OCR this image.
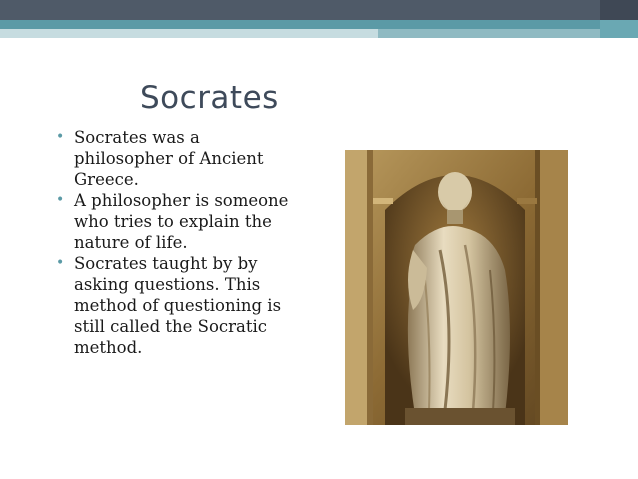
Socrates
• Socrates was a philosopher of Ancient Greece.
• A philosopher is someone who tries to explain the nature of life.
• Socrates taught by by asking questions. This method of questioning is still called the Socratic method.
